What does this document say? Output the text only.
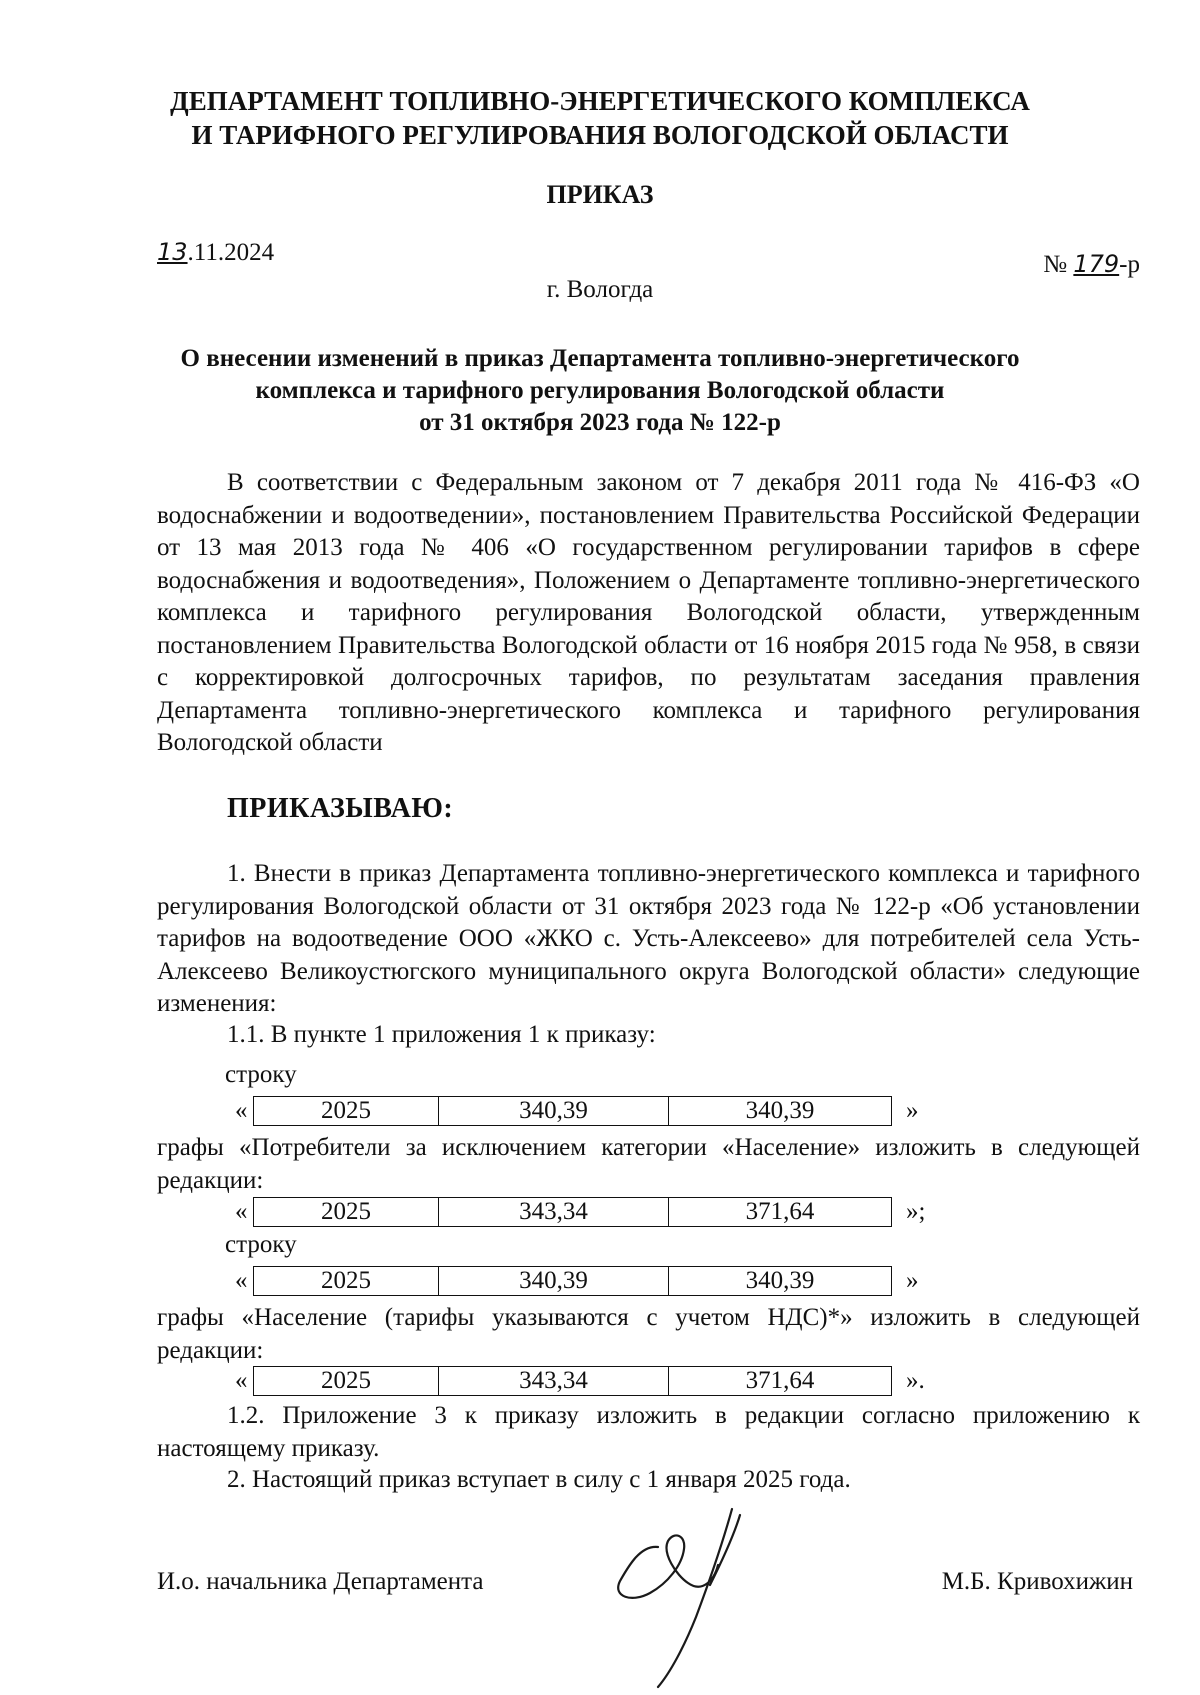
ДЕПАРТАМЕНТ ТОПЛИВНО-ЭНЕРГЕТИЧЕСКОГО КОМПЛЕКСА
И ТАРИФНОГО РЕГУЛИРОВАНИЯ ВОЛОГОДСКОЙ ОБЛАСТИ
ПРИКАЗ
13.11.2024	№ 179-р
г. Вологда
О внесении изменений в приказ Департамента топливно-энергетического
комплекса и тарифного регулирования Вологодской области
от 31 октября 2023 года № 122-р
В соответствии с Федеральным законом от 7 декабря 2011 года № 416-ФЗ «О водоснабжении и водоотведении», постановлением Правительства Российской Федерации от 13 мая 2013 года № 406 «О государственном регулировании тарифов в сфере водоснабжения и водоотведения», Положением о Департаменте топливно-энергетического комплекса и тарифного регулирования Вологодской области, утвержденным постановлением Правительства Вологодской области от 16 ноября 2015 года № 958, в связи с корректировкой долгосрочных тарифов, по результатам заседания правления Департамента топливно-энергетического комплекса и тарифного регулирования Вологодской области
ПРИКАЗЫВАЮ:
1. Внести в приказ Департамента топливно-энергетического комплекса и тарифного регулирования Вологодской области от 31 октября 2023 года № 122-р «Об установлении тарифов на водоотведение ООО «ЖКО с. Усть-Алексеево» для потребителей села Усть-Алексеево Великоустюгского муниципального округа Вологодской области» следующие изменения:
1.1. В пункте 1 приложения 1 к приказу:
строку
«	2025	340,39	340,39	»
графы «Потребители за исключением категории «Население» изложить в следующей редакции:
«	2025	343,34	371,64	»;
строку
«	2025	340,39	340,39	»
графы «Население (тарифы указываются с учетом НДС)*» изложить в следующей редакции:
«	2025	343,34	371,64	».
1.2. Приложение 3 к приказу изложить в редакции согласно приложению к настоящему приказу.
2. Настоящий приказ вступает в силу с 1 января 2025 года.
И.о. начальника Департамента	М.Б. Кривохижин
